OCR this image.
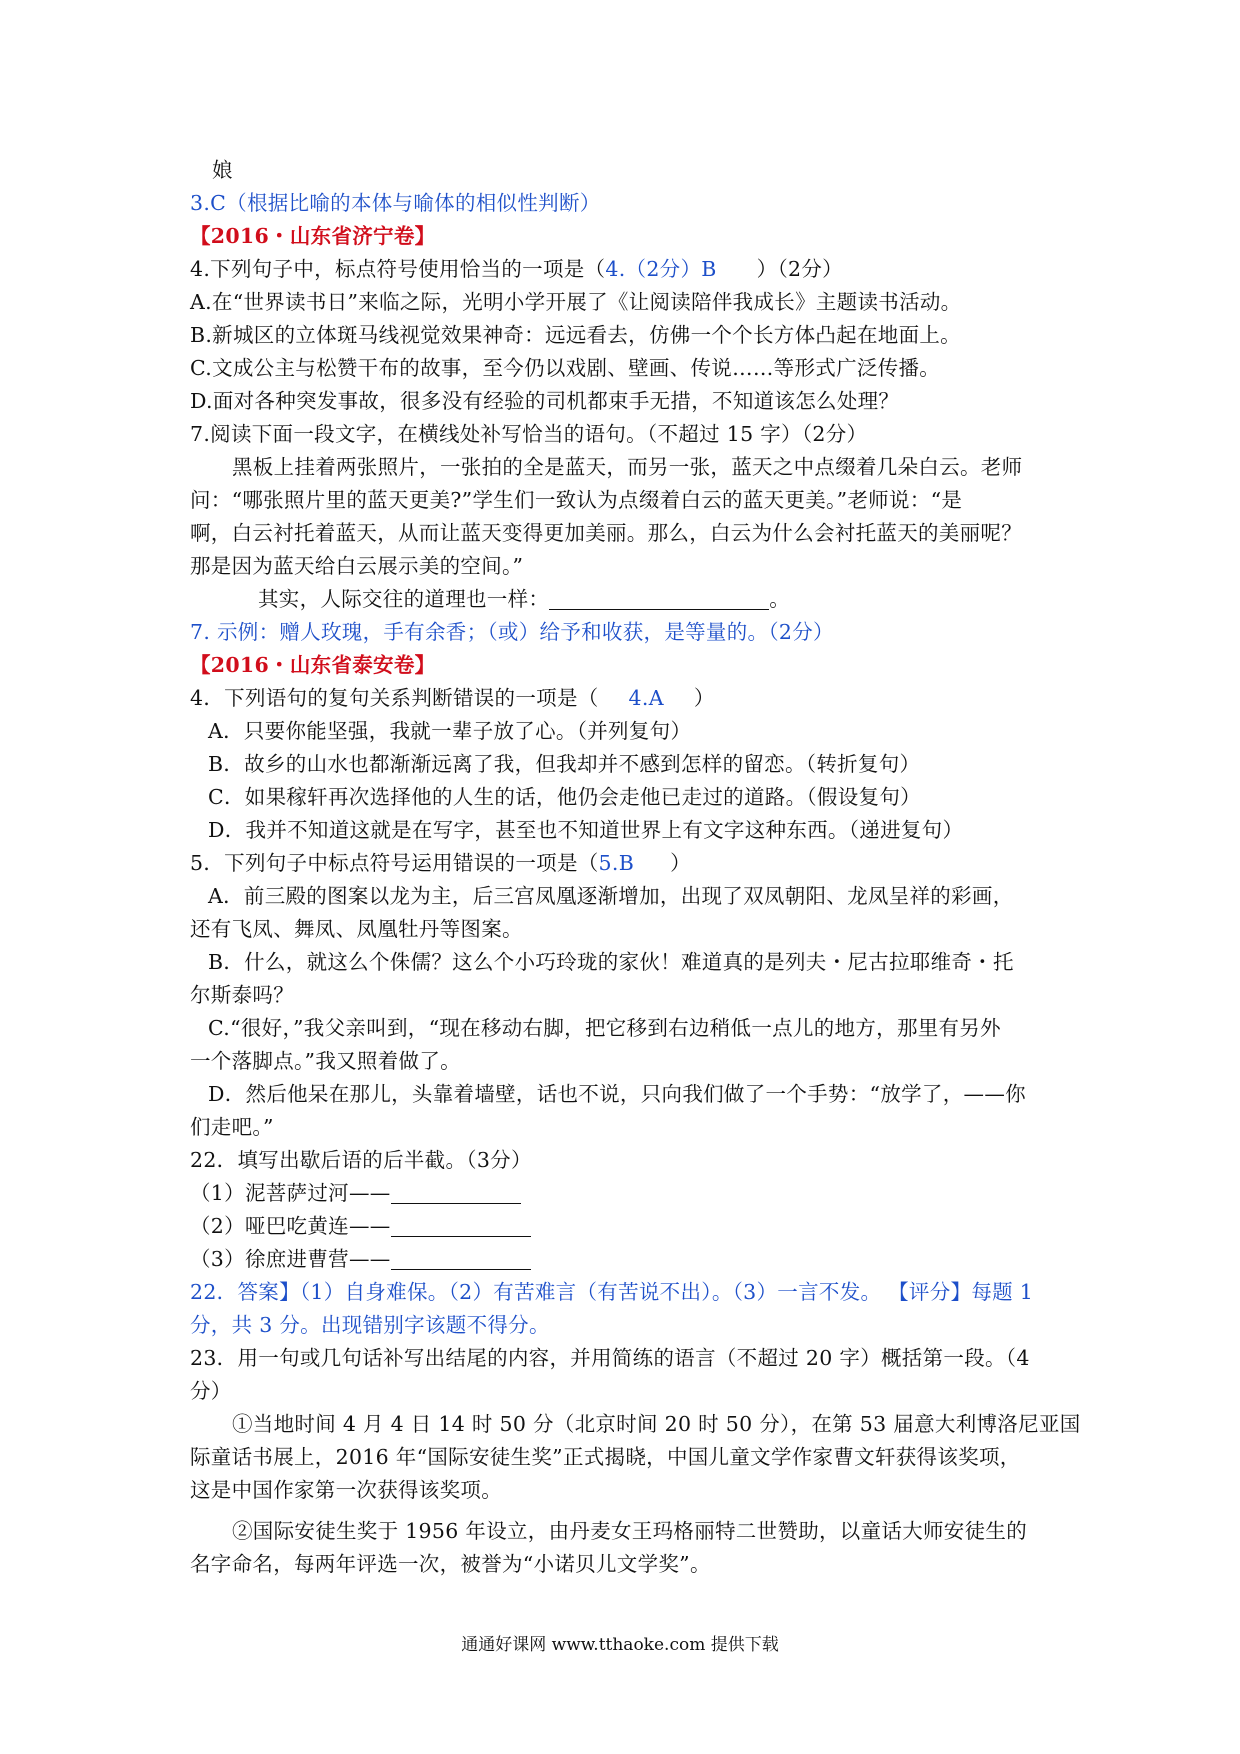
娘
3.C（根据比喻的本体与喻体的相似性判断）
【2016・山东省济宁卷】
4.下列句子中，标点符号使用恰当的一项是（4.（2分）B ）（2分）
A.在“世界读书日”来临之际，光明小学开展了《让阅读陪伴我成长》主题读书活动。
B.新城区的立体斑马线视觉效果神奇：远远看去，仿佛一个个长方体凸起在地面上。
C.文成公主与松赞干布的故事，至今仍以戏剧、壁画、传说……等形式广泛传播。
D.面对各种突发事故，很多没有经验的司机都束手无措，不知道该怎么处理？
7.阅读下面一段文字，在横线处补写恰当的语句。（不超过 15 字）（2分）
黑板上挂着两张照片，一张拍的全是蓝天，而另一张，蓝天之中点缀着几朵白云。老师
问：“哪张照片里的蓝天更美?”学生们一致认为点缀着白云的蓝天更美。”老师说：“是
啊，白云衬托着蓝天，从而让蓝天变得更加美丽。那么，白云为什么会衬托蓝天的美丽呢？
那是因为蓝天给白云展示美的空间。”
其实，人际交往的道理也一样：	。
7. 示例：赠人玫瑰，手有余香；（或）给予和收获，是等量的。（2分）
【2016・山东省泰安卷】
4．下列语句的复句关系判断错误的一项是（ 4.A ）
A．只要你能坚强，我就一辈子放了心。（并列复句）
B．故乡的山水也都渐渐远离了我，但我却并不感到怎样的留恋。（转折复句）
C．如果稼轩再次选择他的人生的话，他仍会走他已走过的道路。（假设复句）
D．我并不知道这就是在写字，甚至也不知道世界上有文字这种东西。（递进复句）
5．下列句子中标点符号运用错误的一项是（5.B ）
A．前三殿的图案以龙为主，后三宫凤凰逐渐增加，出现了双凤朝阳、龙凤呈祥的彩画，
还有飞凤、舞凤、凤凰牡丹等图案。
B．什么，就这么个侏儒？这么个小巧玲珑的家伙！难道真的是列夫・尼古拉耶维奇・托
尔斯泰吗？
C.“很好，”我父亲叫到，“现在移动右脚，把它移到右边稍低一点儿的地方，那里有另外
一个落脚点。”我又照着做了。
D．然后他呆在那儿，头靠着墙壁，话也不说，只向我们做了一个手势：“放学了，——你
们走吧。”
22．填写出歇后语的后半截。（3分）
（1）泥菩萨过河——
（2）哑巴吃黄连——
（3）徐庶进曹营——
22．答案】（1）自身难保。（2）有苦难言（有苦说不出）。（3）一言不发。 【评分】每题 1
分，共 3 分。出现错别字该题不得分。
23．用一句或几句话补写出结尾的内容，并用简练的语言（不超过 20 字）概括第一段。（4
分）
①当地时间 4 月 4 日 14 时 50 分（北京时间 20 时 50 分），在第 53 届意大利博洛尼亚国
际童话书展上，2016 年“国际安徒生奖”正式揭晓，中国儿童文学作家曹文轩获得该奖项，
这是中国作家第一次获得该奖项。
②国际安徒生奖于 1956 年设立，由丹麦女王玛格丽特二世赞助，以童话大师安徒生的
名字命名，每两年评选一次，被誉为“小诺贝儿文学奖”。
通通好课网 www.tthaoke.com 提供下载
